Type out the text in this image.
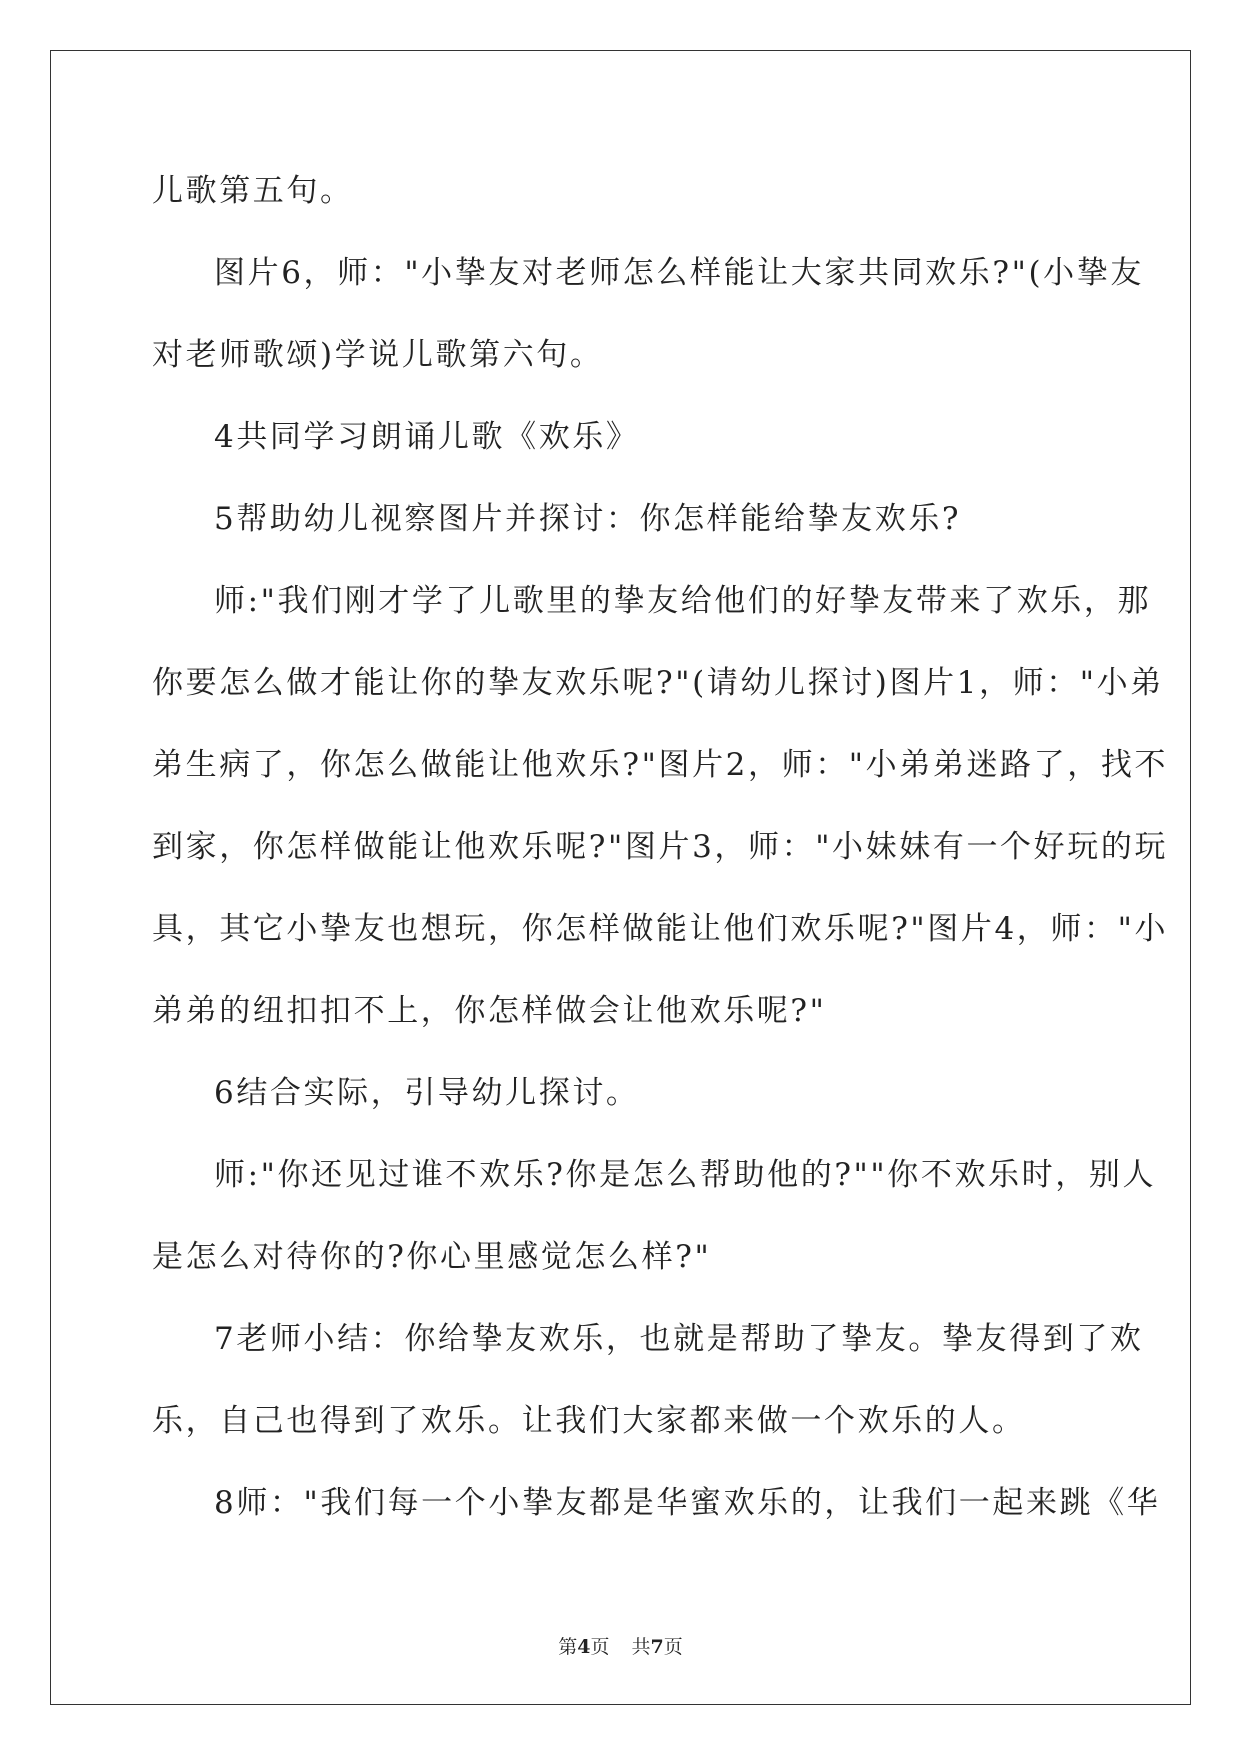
儿歌第五句。
图片6，师："小挚友对老师怎么样能让大家共同欢乐?"(小挚友
对老师歌颂)学说儿歌第六句。
4共同学习朗诵儿歌《欢乐》
5帮助幼儿视察图片并探讨：你怎样能给挚友欢乐?
师:"我们刚才学了儿歌里的挚友给他们的好挚友带来了欢乐，那
你要怎么做才能让你的挚友欢乐呢?"(请幼儿探讨)图片1，师："小弟
弟生病了，你怎么做能让他欢乐?"图片2，师："小弟弟迷路了，找不
到家，你怎样做能让他欢乐呢?"图片3，师："小妹妹有一个好玩的玩
具，其它小挚友也想玩，你怎样做能让他们欢乐呢?"图片4，师："小
弟弟的纽扣扣不上，你怎样做会让他欢乐呢?"
6结合实际，引导幼儿探讨。
师:"你还见过谁不欢乐?你是怎么帮助他的?""你不欢乐时，别人
是怎么对待你的?你心里感觉怎么样?"
7老师小结：你给挚友欢乐，也就是帮助了挚友。挚友得到了欢
乐，自己也得到了欢乐。让我们大家都来做一个欢乐的人。
8师："我们每一个小挚友都是华蜜欢乐的，让我们一起来跳《华
第4页 共7页
